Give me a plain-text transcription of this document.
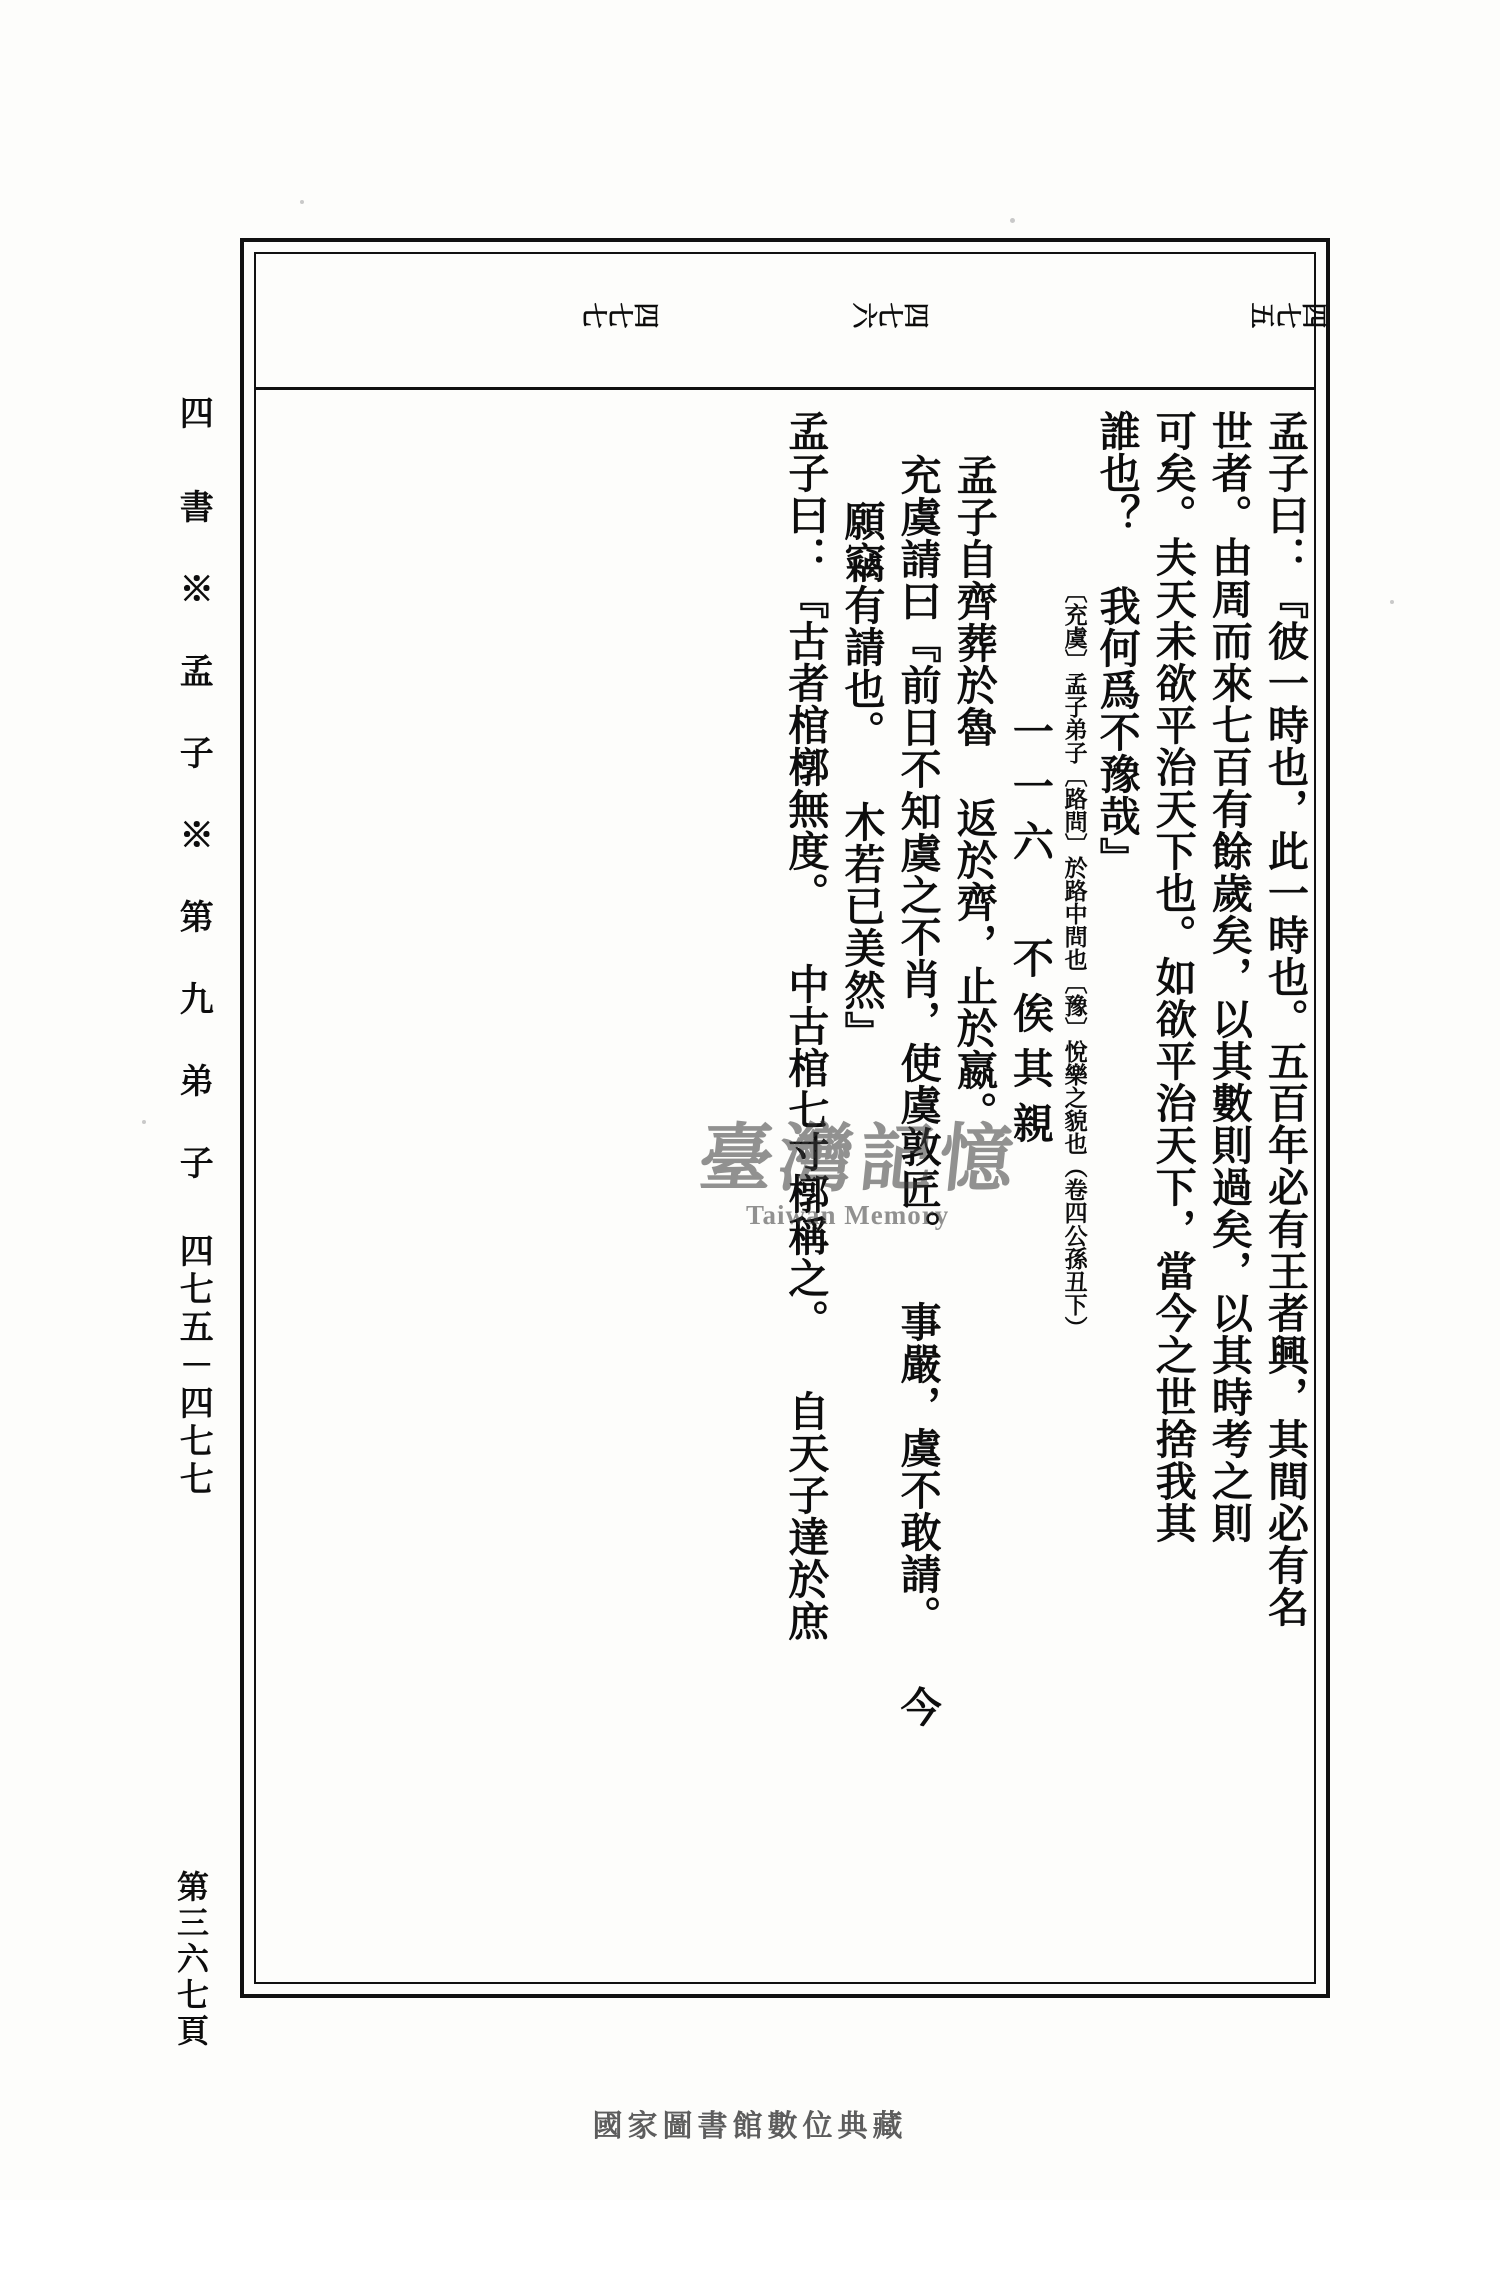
四 書 ※ 孟 子 ※ 第 九 弟 子 四七五－四七七
第三六七頁
四七五
四七六
四七七
孟子曰：『彼一時也，此一時也。五百年必有王者興，其間必有名
世者。由周而來七百有餘歲矣，以其數則過矣，以其時考之則
可矣。夫天未欲平治天下也。如欲平治天下，當今之世捨我其
誰也？ 我何爲不豫哉』
〔充虞〕孟子弟子〔路問〕於路中問也〔豫〕悅樂之貌也（卷四公孫丑下）
一一六 不俟其親
孟子自齊葬於魯 返於齊，止於嬴。
充虞請曰『前日不知虞之不肖，使虞敦匠。 事嚴，虞不敢請。 今
願竊有請也。 木若已美然』
孟子曰：『古者棺槨無度。 中古棺七寸槨稱之。 自天子達於庶
臺灣記憶
Taiwan Memory
國家圖書館數位典藏
